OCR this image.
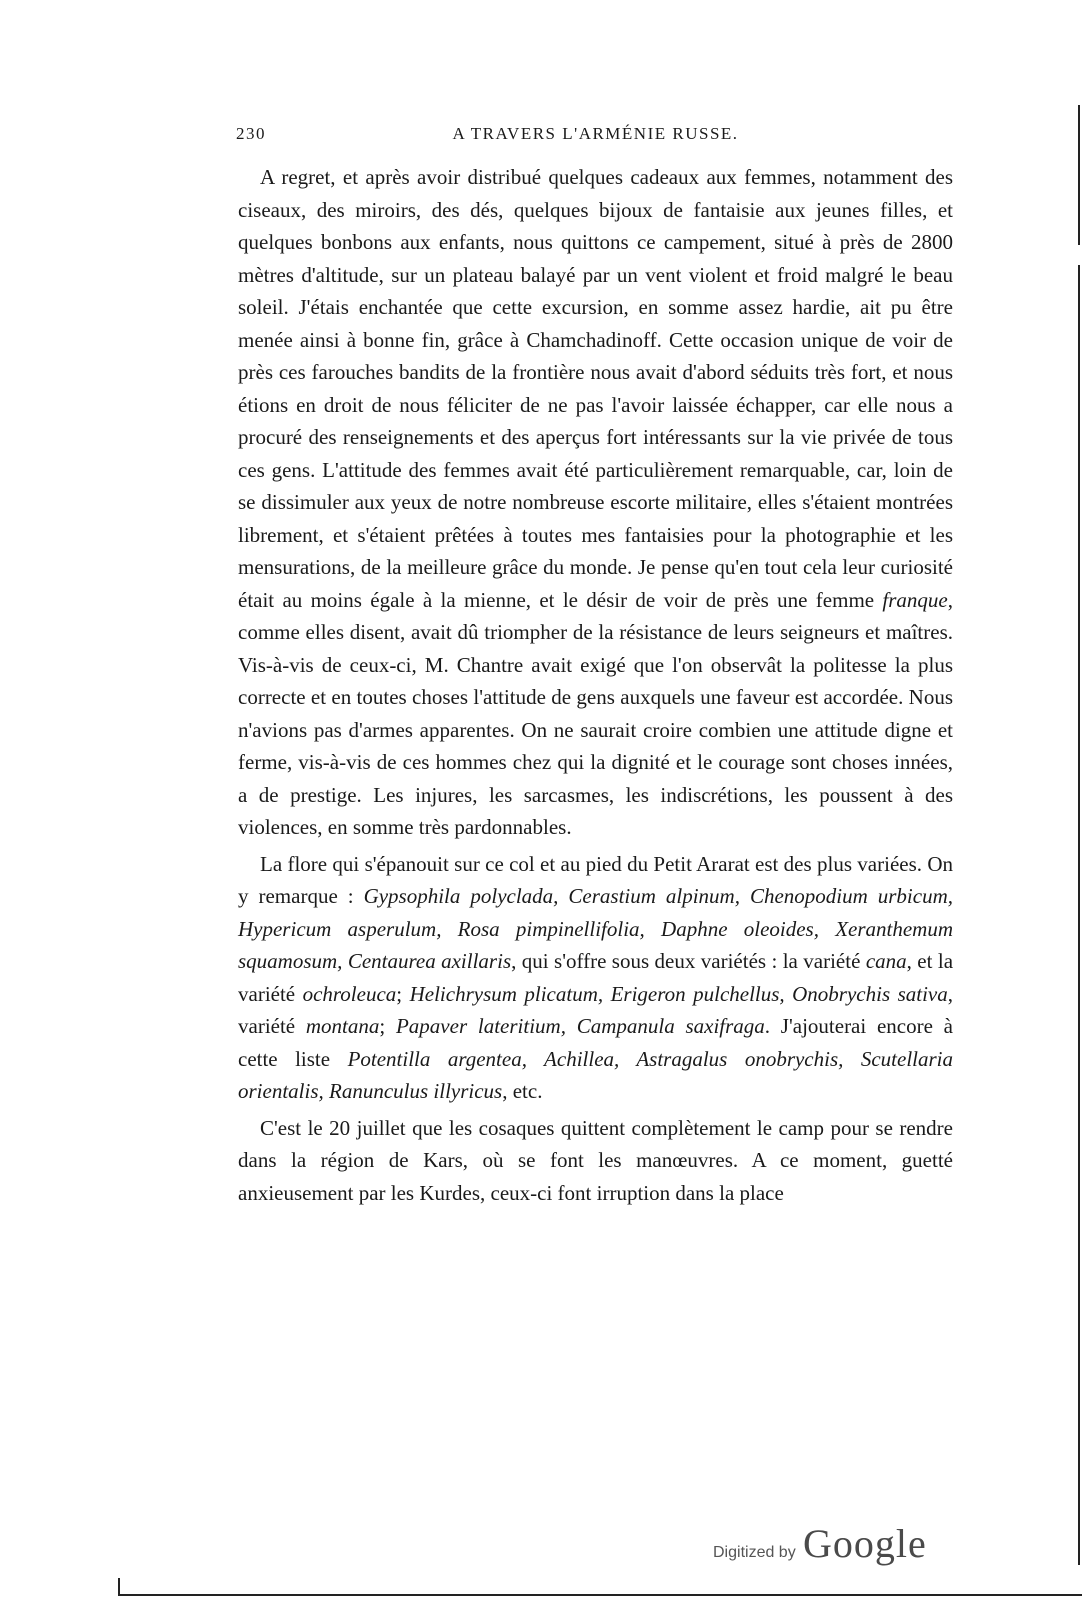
230	A TRAVERS L'ARMÉNIE RUSSE.

A regret, et après avoir distribué quelques cadeaux aux femmes, notamment des ciseaux, des miroirs, des dés, quelques bijoux de fantaisie aux jeunes filles, et quelques bonbons aux enfants, nous quittons ce campement, situé à près de 2800 mètres d'altitude, sur un plateau balayé par un vent violent et froid malgré le beau soleil. J'étais enchantée que cette excursion, en somme assez hardie, ait pu être menée ainsi à bonne fin, grâce à Chamchadinoff. Cette occasion unique de voir de près ces farouches bandits de la frontière nous avait d'abord séduits très fort, et nous étions en droit de nous féliciter de ne pas l'avoir laissée échapper, car elle nous a procuré des renseignements et des aperçus fort intéressants sur la vie privée de tous ces gens. L'attitude des femmes avait été particulièrement remarquable, car, loin de se dissimuler aux yeux de notre nombreuse escorte militaire, elles s'étaient montrées librement, et s'étaient prêtées à toutes mes fantaisies pour la photographie et les mensurations, de la meilleure grâce du monde. Je pense qu'en tout cela leur curiosité était au moins égale à la mienne, et le désir de voir de près une femme franque, comme elles disent, avait dû triompher de la résistance de leurs seigneurs et maîtres. Vis-à-vis de ceux-ci, M. Chantre avait exigé que l'on observât la politesse la plus correcte et en toutes choses l'attitude de gens auxquels une faveur est accordée. Nous n'avions pas d'armes apparentes. On ne saurait croire combien une attitude digne et ferme, vis-à-vis de ces hommes chez qui la dignité et le courage sont choses innées, a de prestige. Les injures, les sarcasmes, les indiscrétions, les poussent à des violences, en somme très pardonnables.

La flore qui s'épanouit sur ce col et au pied du Petit Ararat est des plus variées. On y remarque : Gypsophila polyclada, Cerastium alpinum, Chenopodium urbicum, Hypericum asperulum, Rosa pimpinellifolia, Daphne oleoides, Xeranthemum squamosum, Centaurea axillaris, qui s'offre sous deux variétés : la variété cana, et la variété ochroleuca; Helichrysum plicatum, Erigeron pulchellus, Onobrychis sativa, variété montana; Papaver lateritium, Campanula saxifraga. J'ajouterai encore à cette liste Potentilla argentea, Achillea, Astragalus onobrychis, Scutellaria orientalis, Ranunculus illyricus, etc.

C'est le 20 juillet que les cosaques quittent complètement le camp pour se rendre dans la région de Kars, où se font les manœuvres. A ce moment, guetté anxieusement par les Kurdes, ceux-ci font irruption dans la place

Digitized by Google
